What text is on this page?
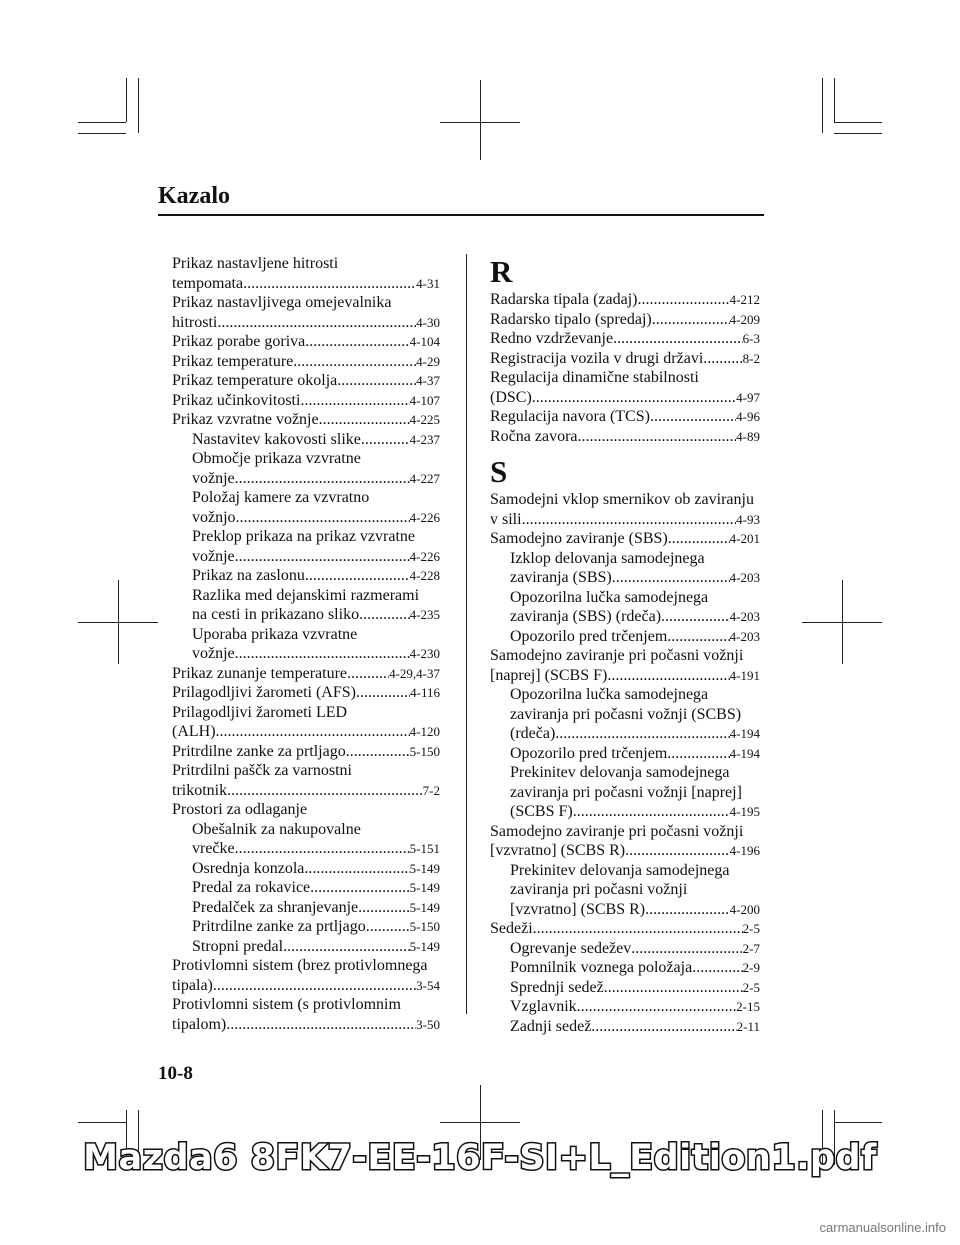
Kazalo
Prikaz nastavljene hitrosti
tempomata .....	4-31
Prikaz nastavljivega omejevalnika
hitrosti .....	4-30
Prikaz porabe goriva .....	4-104
Prikaz temperature .....	4-29
Prikaz temperature okolja .....	4-37
Prikaz učinkovitosti .....	4-107
Prikaz vzvratne vožnje .....	4-225
Nastavitev kakovosti slike .....	4-237
Območje prikaza vzvratne
vožnje .....	4-227
Položaj kamere za vzvratno
vožnjo .....	4-226
Preklop prikaza na prikaz vzvratne
vožnje .....	4-226
Prikaz na zaslonu .....	4-228
Razlika med dejanskimi razmerami
na cesti in prikazano sliko .....	4-235
Uporaba prikaza vzvratne
vožnje .....	4-230
Prikaz zunanje temperature .....	4-29,4-37
Prilagodljivi žarometi (AFS) .....	4-116
Prilagodljivi žarometi LED
(ALH) .....	4-120
Pritrdilne zanke za prtljago .....	5-150
Pritrdilni paščk za varnostni
trikotnik .....	7-2
Prostori za odlaganje
Obešalnik za nakupovalne
vrečke .....	5-151
Osrednja konzola .....	5-149
Predal za rokavice .....	5-149
Predalček za shranjevanje .....	5-149
Pritrdilne zanke za prtljago .....	5-150
Stropni predal .....	5-149
Protivlomni sistem (brez protivlomnega
tipala) .....	3-54
Protivlomni sistem (s protivlomnim
tipalom) .....	3-50
R
Radarska tipala (zadaj) .....	4-212
Radarsko tipalo (spredaj) .....	4-209
Redno vzdrževanje .....	6-3
Registracija vozila v drugi državi .....	8-2
Regulacija dinamične stabilnosti
(DSC) .....	4-97
Regulacija navora (TCS) .....	4-96
Ročna zavora .....	4-89
S
Samodejni vklop smernikov ob zaviranju
v sili .....	4-93
Samodejno zaviranje (SBS) .....	4-201
Izklop delovanja samodejnega
zaviranja (SBS) .....	4-203
Opozorilna lučka samodejnega
zaviranja (SBS) (rdeča) .....	4-203
Opozorilo pred trčenjem .....	4-203
Samodejno zaviranje pri počasni vožnji
[naprej] (SCBS F) .....	4-191
Opozorilna lučka samodejnega
zaviranja pri počasni vožnji (SCBS)
(rdeča) .....	4-194
Opozorilo pred trčenjem .....	4-194
Prekinitev delovanja samodejnega
zaviranja pri počasni vožnji [naprej]
(SCBS F) .....	4-195
Samodejno zaviranje pri počasni vožnji
[vzvratno] (SCBS R) .....	4-196
Prekinitev delovanja samodejnega
zaviranja pri počasni vožnji
[vzvratno] (SCBS R) .....	4-200
Sedeži .....	2-5
Ogrevanje sedežev .....	2-7
Pomnilnik voznega položaja .....	2-9
Sprednji sedež .....	2-5
Vzglavnik .....	2-15
Zadnji sedež .....	2-11
10-8
Mazda6 8FK7-EE-16F-SI+L_Edition1.pdf
carmanualsonline.info
